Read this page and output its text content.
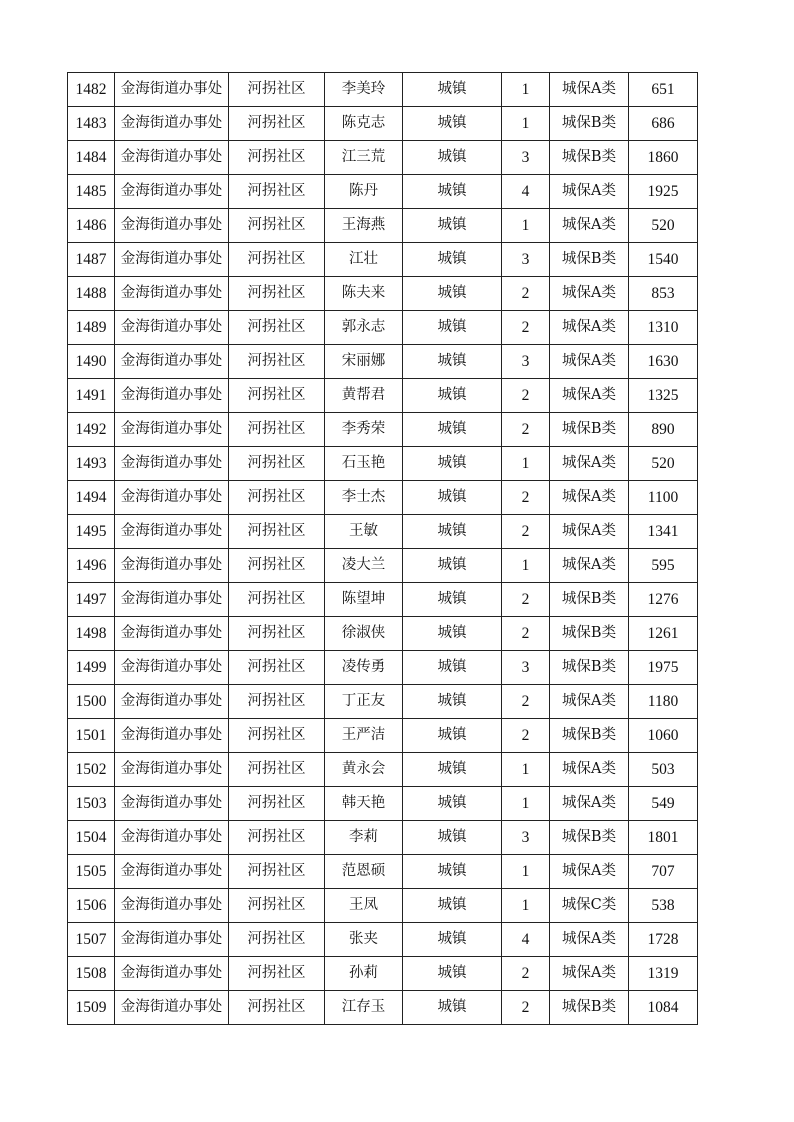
1482	金海街道办事处	河拐社区	李美玲	城镇	1	城保A类	651
1483	金海街道办事处	河拐社区	陈克志	城镇	1	城保B类	686
1484	金海街道办事处	河拐社区	江三荒	城镇	3	城保B类	1860
1485	金海街道办事处	河拐社区	陈丹	城镇	4	城保A类	1925
1486	金海街道办事处	河拐社区	王海燕	城镇	1	城保A类	520
1487	金海街道办事处	河拐社区	江壮	城镇	3	城保B类	1540
1488	金海街道办事处	河拐社区	陈夫来	城镇	2	城保A类	853
1489	金海街道办事处	河拐社区	郭永志	城镇	2	城保A类	1310
1490	金海街道办事处	河拐社区	宋丽娜	城镇	3	城保A类	1630
1491	金海街道办事处	河拐社区	黄帮君	城镇	2	城保A类	1325
1492	金海街道办事处	河拐社区	李秀荣	城镇	2	城保B类	890
1493	金海街道办事处	河拐社区	石玉艳	城镇	1	城保A类	520
1494	金海街道办事处	河拐社区	李士杰	城镇	2	城保A类	1100
1495	金海街道办事处	河拐社区	王敏	城镇	2	城保A类	1341
1496	金海街道办事处	河拐社区	凌大兰	城镇	1	城保A类	595
1497	金海街道办事处	河拐社区	陈望坤	城镇	2	城保B类	1276
1498	金海街道办事处	河拐社区	徐淑侠	城镇	2	城保B类	1261
1499	金海街道办事处	河拐社区	凌传勇	城镇	3	城保B类	1975
1500	金海街道办事处	河拐社区	丁正友	城镇	2	城保A类	1180
1501	金海街道办事处	河拐社区	王严洁	城镇	2	城保B类	1060
1502	金海街道办事处	河拐社区	黄永会	城镇	1	城保A类	503
1503	金海街道办事处	河拐社区	韩天艳	城镇	1	城保A类	549
1504	金海街道办事处	河拐社区	李莉	城镇	3	城保B类	1801
1505	金海街道办事处	河拐社区	范恩硕	城镇	1	城保A类	707
1506	金海街道办事处	河拐社区	王凤	城镇	1	城保C类	538
1507	金海街道办事处	河拐社区	张夹	城镇	4	城保A类	1728
1508	金海街道办事处	河拐社区	孙莉	城镇	2	城保A类	1319
1509	金海街道办事处	河拐社区	江存玉	城镇	2	城保B类	1084
